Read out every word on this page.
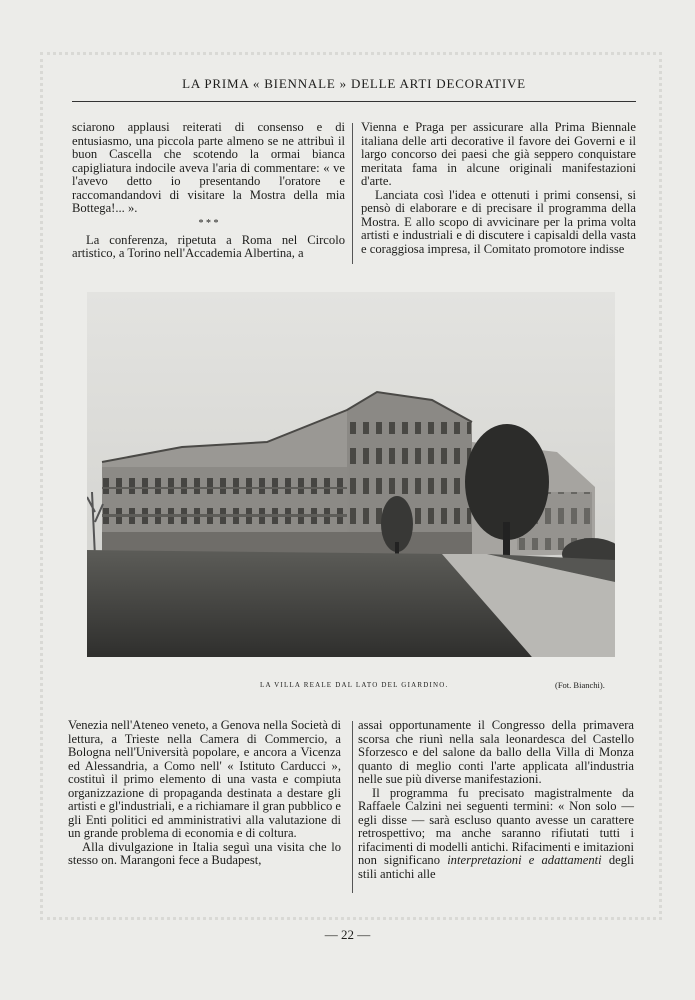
LA PRIMA « BIENNALE » DELLE ARTI DECORATIVE

sciarono applausi reiterati di consenso e di entusiasmo, una piccola parte almeno se ne attribuì il buon Cascella che scotendo la ormai bianca capigliatura indocile aveva l'aria di commentare: « ve l'avevo detto io presentando l'oratore e raccomandandovi di visitare la Mostra della mia Bottega!... ».

* * *

La conferenza, ripetuta a Roma nel Circolo artistico, a Torino nell'Accademia Albertina, a

Vienna e Praga per assicurare alla Prima Biennale italiana delle arti decorative il favore dei Governi e il largo concorso dei paesi che già seppero conquistare meritata fama in alcune originali manifestazioni d'arte.

Lanciata così l'idea e ottenuti i primi consensi, si pensò di elaborare e di precisare il programma della Mostra. E allo scopo di avvicinare per la prima volta artisti e industriali e di discutere i capisaldi della vasta e coraggiosa impresa, il Comitato promotore indisse

LA VILLA REALE DAL LATO DEL GIARDINO.	(Fot. Bianchi).

Venezia nell'Ateneo veneto, a Genova nella Società di lettura, a Trieste nella Camera di Commercio, a Bologna nell'Università popolare, e ancora a Vicenza ed Alessandria, a Como nell' « Istituto Carducci », costituì il primo elemento di una vasta e compiuta organizzazione di propaganda destinata a destare gli artisti e gl'industriali, e a richiamare il gran pubblico e gli Enti politici ed amministrativi alla valutazione di un grande problema di economia e di coltura.

Alla divulgazione in Italia seguì una visita che lo stesso on. Marangoni fece a Budapest,

assai opportunamente il Congresso della primavera scorsa che riunì nella sala leonardesca del Castello Sforzesco e del salone da ballo della Villa di Monza quanto di meglio conti l'arte applicata all'industria nelle sue più diverse manifestazioni.

Il programma fu precisato magistralmente da Raffaele Calzini nei seguenti termini: « Non solo — egli disse — sarà escluso quanto avesse un carattere retrospettivo; ma anche saranno rifiutati tutti i rifacimenti di modelli antichi. Rifacimenti e imitazioni non significano interpretazioni e adattamenti degli stili antichi alle

— 22 —
